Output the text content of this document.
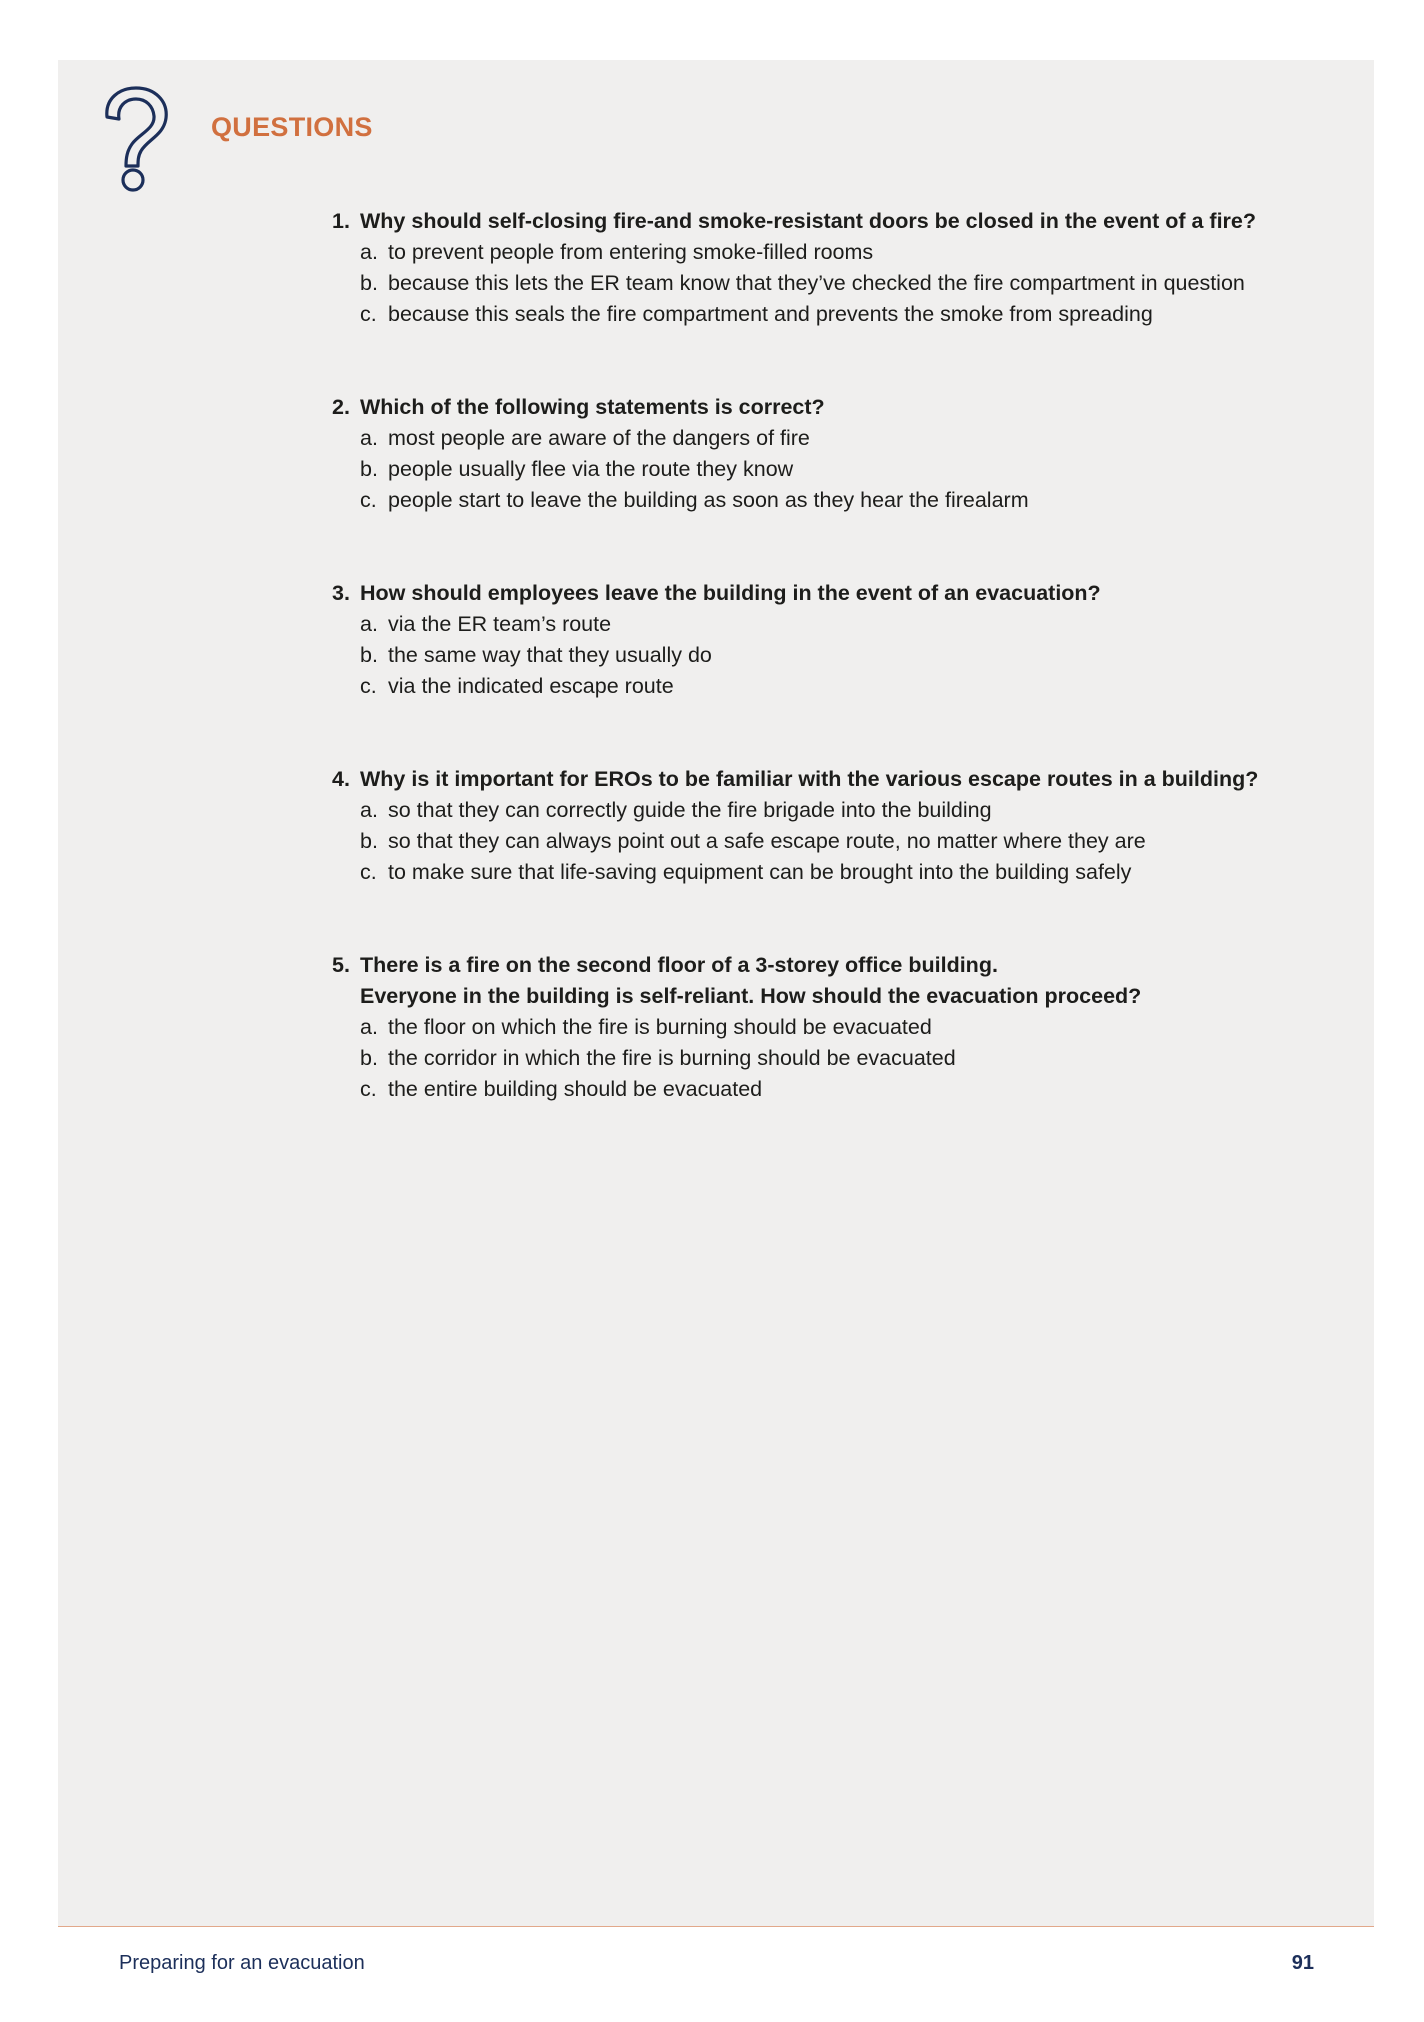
QUESTIONS
1. Why should self-closing fire-and smoke-resistant doors be closed in the event of a fire?
a. to prevent people from entering smoke-filled rooms
b. because this lets the ER team know that they’ve checked the fire compartment in question
c. because this seals the fire compartment and prevents the smoke from spreading
2. Which of the following statements is correct?
a. most people are aware of the dangers of fire
b. people usually flee via the route they know
c. people start to leave the building as soon as they hear the firealarm
3. How should employees leave the building in the event of an evacuation?
a. via the ER team’s route
b. the same way that they usually do
c. via the indicated escape route
4. Why is it important for EROs to be familiar with the various escape routes in a building?
a. so that they can correctly guide the fire brigade into the building
b. so that they can always point out a safe escape route, no matter where they are
c. to make sure that life-saving equipment can be brought into the building safely
5. There is a fire on the second floor of a 3-storey office building.
Everyone in the building is self-reliant. How should the evacuation proceed?
a. the floor on which the fire is burning should be evacuated
b. the corridor in which the fire is burning should be evacuated
c. the entire building should be evacuated
Preparing for an evacuation	91
